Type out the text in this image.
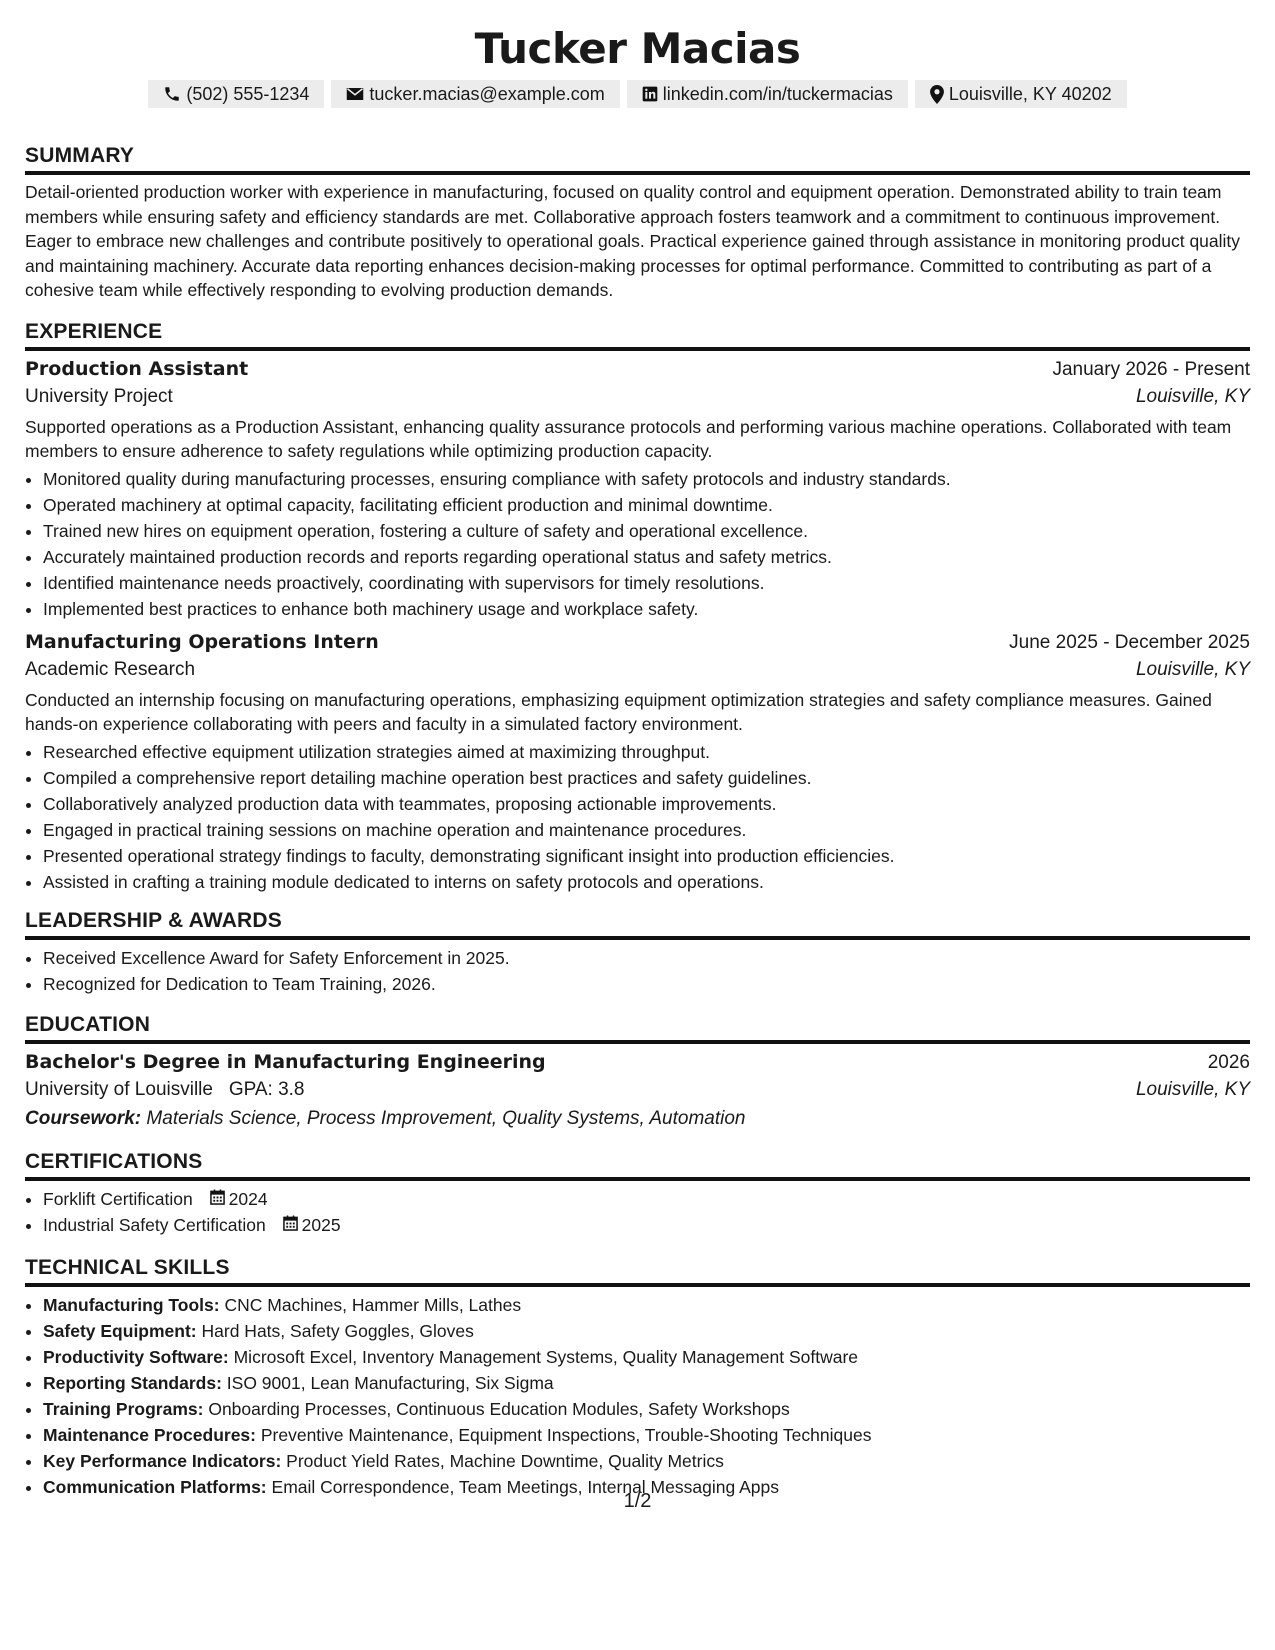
Tucker Macias
(502) 555-1234	tucker.macias@example.com	linkedin.com/in/tuckermacias	Louisville, KY 40202
SUMMARY

Detail-oriented production worker with experience in manufacturing, focused on quality control and equipment operation. Demonstrated ability to train team members while ensuring safety and efficiency standards are met. Collaborative approach fosters teamwork and a commitment to continuous improvement. Eager to embrace new challenges and contribute positively to operational goals. Practical experience gained through assistance in monitoring product quality and maintaining machinery. Accurate data reporting enhances decision-making processes for optimal performance. Committed to contributing as part of a cohesive team while effectively responding to evolving production demands.

EXPERIENCE
Production Assistant	January 2026 - Present
University Project	Louisville, KY

Supported operations as a Production Assistant, enhancing quality assurance protocols and performing various machine operations. Collaborated with team members to ensure adherence to safety regulations while optimizing production capacity.

• Monitored quality during manufacturing processes, ensuring compliance with safety protocols and industry standards.
• Operated machinery at optimal capacity, facilitating efficient production and minimal downtime.
• Trained new hires on equipment operation, fostering a culture of safety and operational excellence.
• Accurately maintained production records and reports regarding operational status and safety metrics.
• Identified maintenance needs proactively, coordinating with supervisors for timely resolutions.
• Implemented best practices to enhance both machinery usage and workplace safety.
Manufacturing Operations Intern	June 2025 - December 2025
Academic Research	Louisville, KY

Conducted an internship focusing on manufacturing operations, emphasizing equipment optimization strategies and safety compliance measures. Gained hands-on experience collaborating with peers and faculty in a simulated factory environment.

• Researched effective equipment utilization strategies aimed at maximizing throughput.
• Compiled a comprehensive report detailing machine operation best practices and safety guidelines.
• Collaboratively analyzed production data with teammates, proposing actionable improvements.
• Engaged in practical training sessions on machine operation and maintenance procedures.
• Presented operational strategy findings to faculty, demonstrating significant insight into production efficiencies.
• Assisted in crafting a training module dedicated to interns on safety protocols and operations.
LEADERSHIP & AWARDS
• Received Excellence Award for Safety Enforcement in 2025.
• Recognized for Dedication to Team Training, 2026.
EDUCATION
Bachelor's Degree in Manufacturing Engineering	2026
University of Louisville GPA: 3.8	Louisville, KY
Coursework: Materials Science, Process Improvement, Quality Systems, Automation
CERTIFICATIONS
• Forklift Certification 2024
• Industrial Safety Certification 2025
TECHNICAL SKILLS
• Manufacturing Tools: CNC Machines, Hammer Mills, Lathes
• Safety Equipment: Hard Hats, Safety Goggles, Gloves
• Productivity Software: Microsoft Excel, Inventory Management Systems, Quality Management Software
• Reporting Standards: ISO 9001, Lean Manufacturing, Six Sigma
• Training Programs: Onboarding Processes, Continuous Education Modules, Safety Workshops
• Maintenance Procedures: Preventive Maintenance, Equipment Inspections, Trouble-Shooting Techniques
• Key Performance Indicators: Product Yield Rates, Machine Downtime, Quality Metrics
• Communication Platforms: Email Correspondence, Team Meetings, Internal Messaging Apps
1/2
